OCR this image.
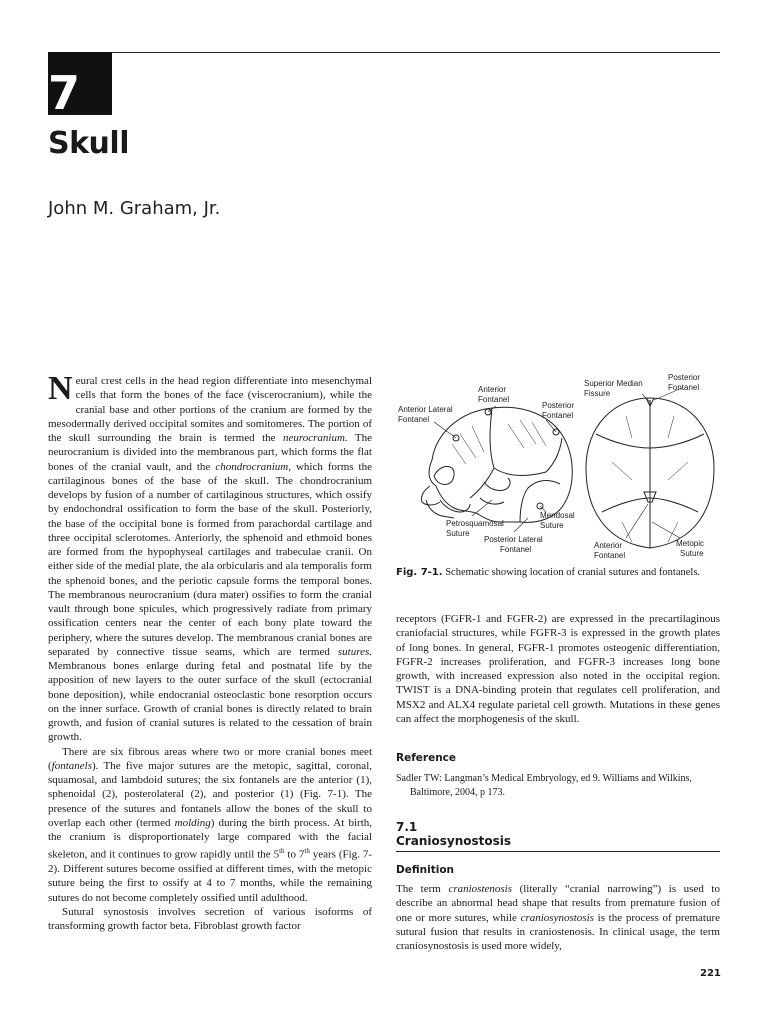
7
Skull
John M. Graham, Jr.

Neural crest cells in the head region differentiate into mesenchymal cells that form the bones of the face (viscerocranium), while the cranial base and other portions of the cranium are formed by the mesodermally derived occipital somites and somitomeres. The portion of the skull surrounding the brain is termed the neurocranium. The neurocranium is divided into the membranous part, which forms the flat bones of the cranial vault, and the chondrocranium, which forms the cartilaginous bones of the base of the skull. The chondrocranium develops by fusion of a number of cartilaginous structures, which ossify by endochondral ossification to form the base of the skull. Posteriorly, the base of the occipital bone is formed from parachordal cartilage and three occipital sclerotomes. Anteriorly, the sphenoid and ethmoid bones are formed from the hypophyseal cartilages and trabeculae cranii. On either side of the medial plate, the ala orbicularis and ala temporalis form the sphenoid bones, and the periotic capsule forms the temporal bones. The membranous neurocranium (dura mater) ossifies to form the cranial vault through bone spicules, which progressively radiate from primary ossification centers near the center of each bony plate toward the periphery, where the sutures develop. The membranous cranial bones are separated by connective tissue seams, which are termed sutures. Membranous bones enlarge during fetal and postnatal life by the apposition of new layers to the outer surface of the skull (ectocranial bone deposition), while endocranial osteoclastic bone resorption occurs on the inner surface. Growth of cranial bones is directly related to brain growth, and fusion of cranial sutures is related to the cessation of brain growth.

There are six fibrous areas where two or more cranial bones meet (fontanels). The five major sutures are the metopic, sagittal, coronal, squamosal, and lambdoid sutures; the six fontanels are the anterior (1), sphenoidal (2), posterolateral (2), and posterior (1) (Fig. 7-1). The presence of the sutures and fontanels allow the bones of the skull to overlap each other (termed molding) during the birth process. At birth, the cranium is disproportionately large compared with the facial skeleton, and it continues to grow rapidly until the 5th to 7th years (Fig. 7-2). Different sutures become ossified at different times, with the metopic suture being the first to ossify at 4 to 7 months, while the remaining sutures do not become completely ossified until adulthood.

Sutural synostosis involves secretion of various isoforms of transforming growth factor beta. Fibroblast growth factor

Anterior Fontanel
Anterior Lateral Fontanel
Posterior Fontanel
Mendosal Suture
Petrosquamosal Suture
Posterior Lateral Fontanel
Superior Median Fissure
Posterior Fontanel
Anterior Fontanel
Metopic Suture
Fig. 7-1. Schematic showing location of cranial sutures and fontanels.

receptors (FGFR-1 and FGFR-2) are expressed in the precartilaginous craniofacial structures, while FGFR-3 is expressed in the growth plates of long bones. In general, FGFR-1 promotes osteogenic differentiation, FGFR-2 increases proliferation, and FGFR-3 increases long bone growth, with increased expression also noted in the occipital region. TWIST is a DNA-binding protein that regulates cell proliferation, and MSX2 and ALX4 regulate parietal cell growth. Mutations in these genes can affect the morphogenesis of the skull.

Reference
Sadler TW: Langman’s Medical Embryology, ed 9. Williams and Wilkins, Baltimore, 2004, p 173.
7.1
Craniosynostosis
Definition
The term craniostenosis (literally “cranial narrowing”) is used to describe an abnormal head shape that results from premature fusion of one or more sutures, while craniosynostosis is the process of premature sutural fusion that results in craniostenosis. In clinical usage, the term craniosynostosis is used more widely,
221
